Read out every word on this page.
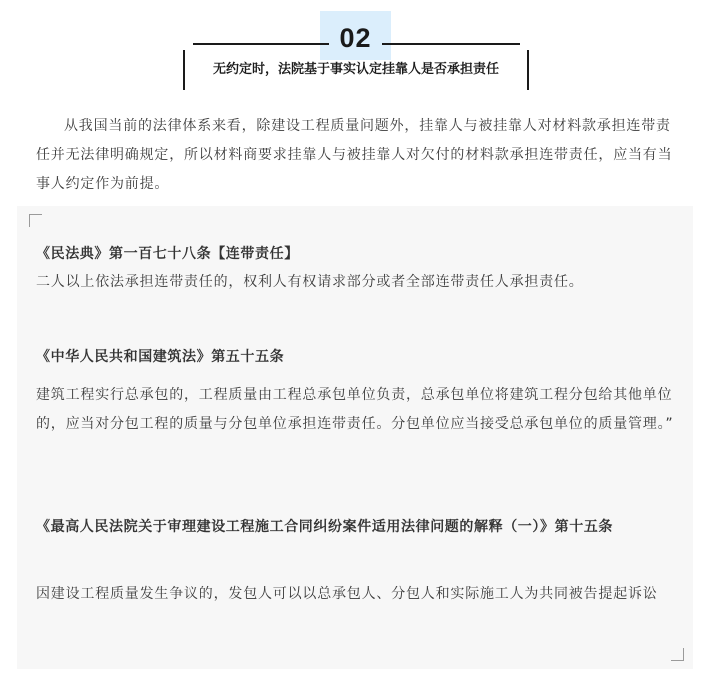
02
无约定时，法院基于事实认定挂靠人是否承担责任

从我国当前的法律体系来看，除建设工程质量问题外，挂靠人与被挂靠人对材料款承担连带责任并无法律明确规定，所以材料商要求挂靠人与被挂靠人对欠付的材料款承担连带责任，应当有当事人约定作为前提。

《民法典》第一百七十八条【连带责任】

二人以上依法承担连带责任的，权利人有权请求部分或者全部连带责任人承担责任。

《中华人民共和国建筑法》第五十五条

建筑工程实行总承包的，工程质量由工程总承包单位负责，总承包单位将建筑工程分包给其他单位的，应当对分包工程的质量与分包单位承担连带责任。分包单位应当接受总承包单位的质量管理。”

《最高人民法院关于审理建设工程施工合同纠纷案件适用法律问题的解释（一）》第十五条

因建设工程质量发生争议的，发包人可以以总承包人、分包人和实际施工人为共同被告提起诉讼
